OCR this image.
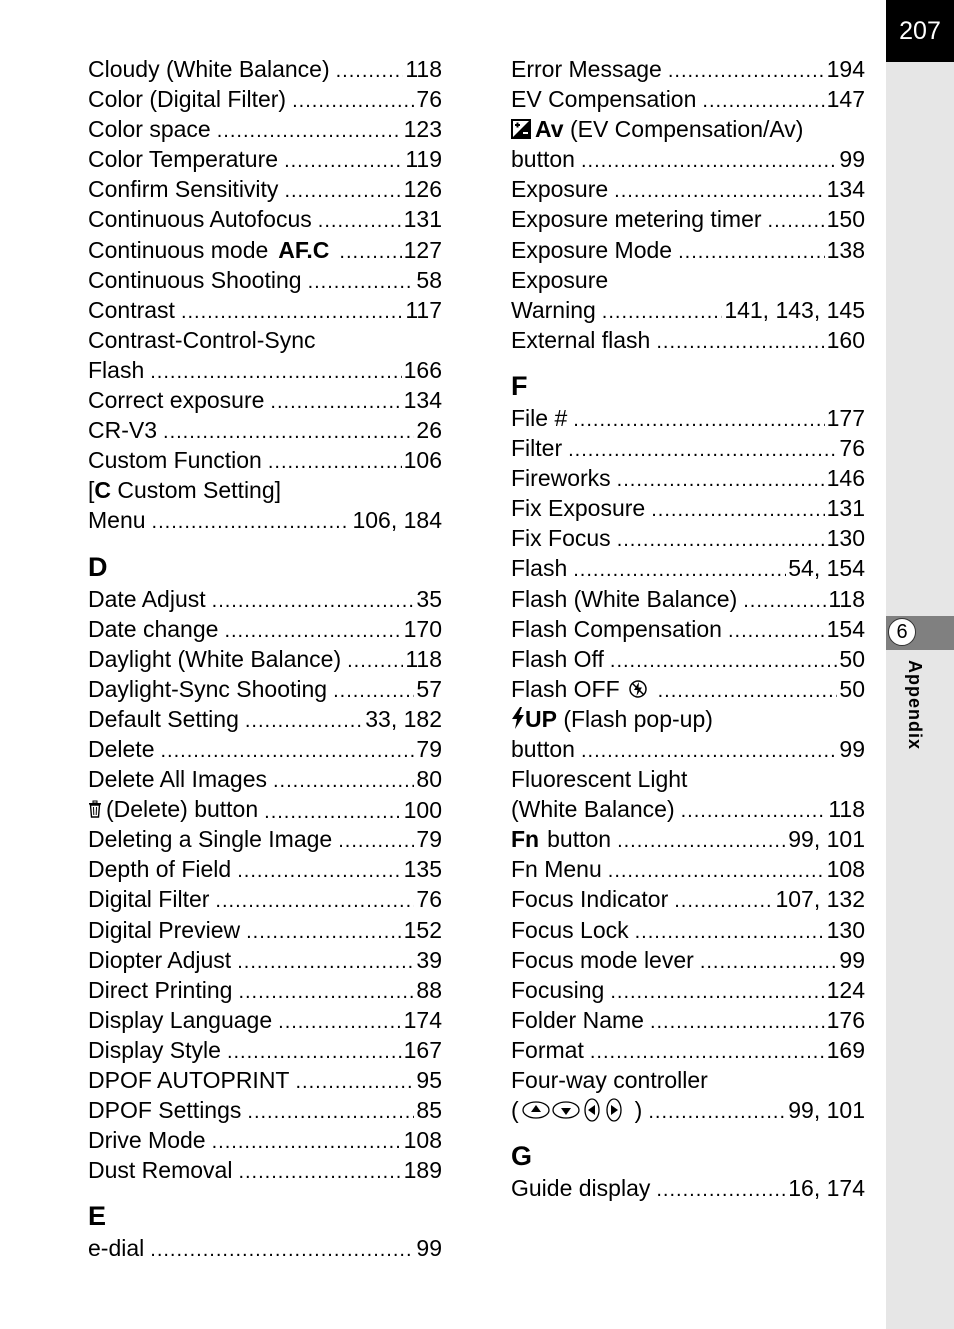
207
6
Appendix
Cloudy (White Balance) .....	118
Color (Digital Filter) .....	76
Color space .....	123
Color Temperature .....	119
Confirm Sensitivity .....	126
Continuous Autofocus .....	131
Continuous mode AF.C .....	127
Continuous Shooting .....	58
Contrast .....	117
Contrast-Control-Sync
Flash .....	166
Correct exposure .....	134
CR-V3 .....	26
Custom Function .....	106
[C Custom Setting]
Menu .....	106, 184
D
Date Adjust .....	35
Date change .....	170
Daylight (White Balance) .....	118
Daylight-Sync Shooting .....	57
Default Setting .....	33, 182
Delete .....	79
Delete All Images .....	80
(Delete) button .....	100
Deleting a Single Image .....	79
Depth of Field .....	135
Digital Filter .....	76
Digital Preview .....	152
Diopter Adjust .....	39
Direct Printing .....	88
Display Language .....	174
Display Style .....	167
DPOF AUTOPRINT .....	95
DPOF Settings .....	85
Drive Mode .....	108
Dust Removal .....	189
E
e-dial .....	99
Error Message .....	194
EV Compensation .....	147
Av (EV Compensation/Av)
button .....	99
Exposure .....	134
Exposure metering timer .....	150
Exposure Mode .....	138
Exposure
Warning .....	141, 143, 145
External flash .....	160
F
File # .....	177
Filter .....	76
Fireworks .....	146
Fix Exposure .....	131
Fix Focus .....	130
Flash .....	54, 154
Flash (White Balance) .....	118
Flash Compensation .....	154
Flash Off .....	50
Flash OFF .....	50
UP (Flash pop-up)
button .....	99
Fluorescent Light
(White Balance) .....	118
Fn button .....	99, 101
Fn Menu .....	108
Focus Indicator .....	107, 132
Focus Lock .....	130
Focus mode lever .....	99
Focusing .....	124
Folder Name .....	176
Format .....	169
Four-way controller
(	) .....	99, 101
G
Guide display .....	16, 174
